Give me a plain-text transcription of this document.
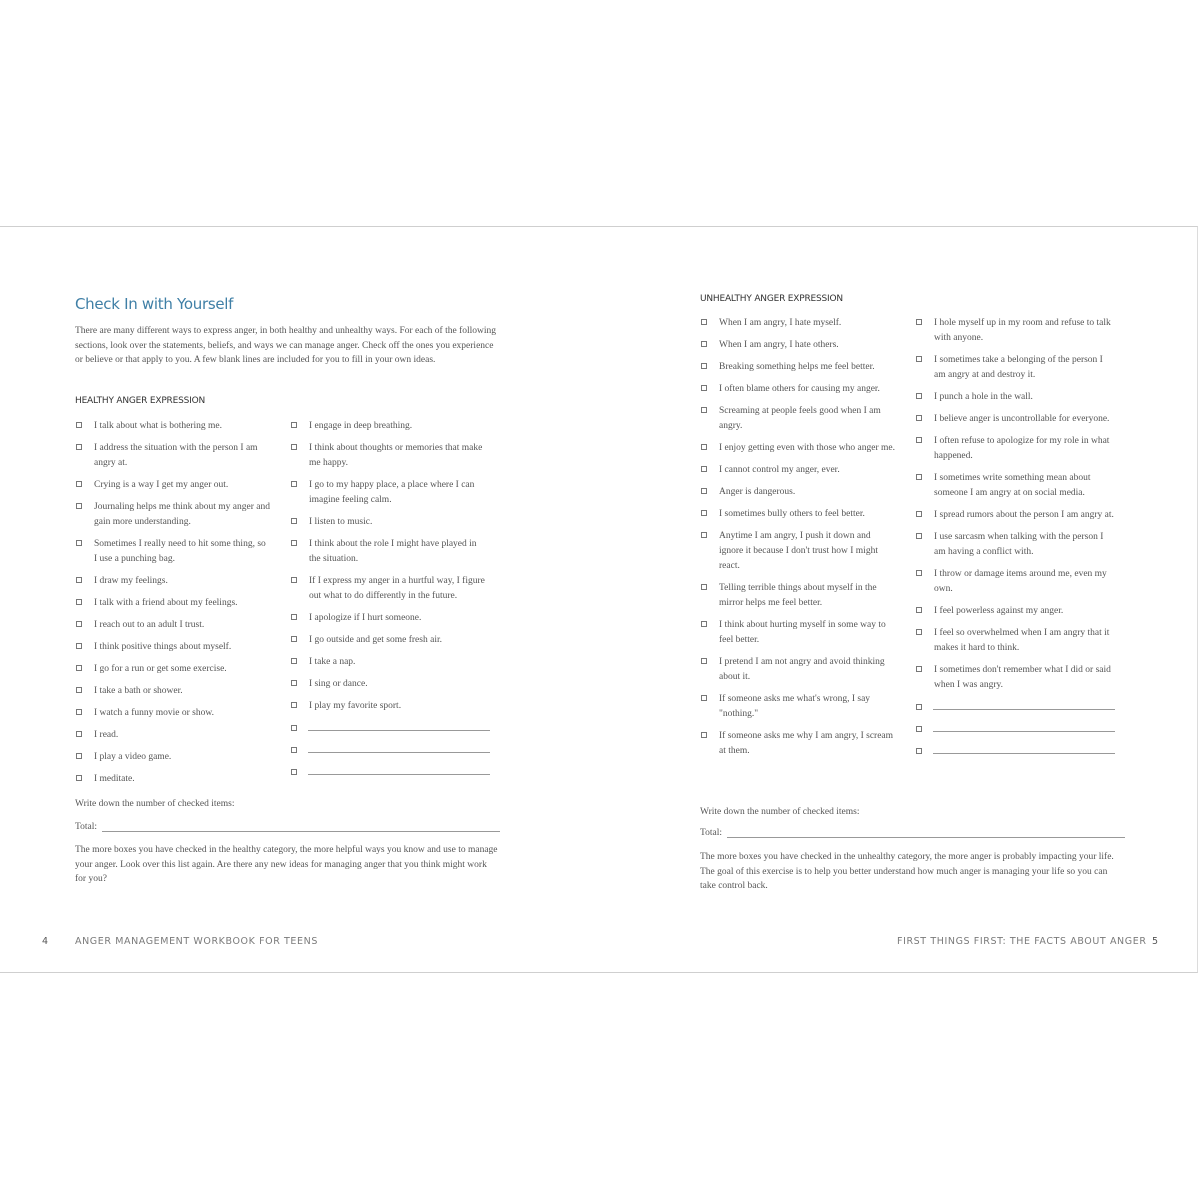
Check In with Yourself
There are many different ways to express anger, in both healthy and unhealthy ways. For each of the following sections, look over the statements, beliefs, and ways we can manage anger. Check off the ones you experience or believe or that apply to you. A few blank lines are included for you to fill in your own ideas.
HEALTHY ANGER EXPRESSION
I talk about what is bothering me.
I address the situation with the person I am angry at.
Crying is a way I get my anger out.
Journaling helps me think about my anger and gain more understanding.
Sometimes I really need to hit some thing, so I use a punching bag.
I draw my feelings.
I talk with a friend about my feelings.
I reach out to an adult I trust.
I think positive things about myself.
I go for a run or get some exercise.
I take a bath or shower.
I watch a funny movie or show.
I read.
I play a video game.
I meditate.
I engage in deep breathing.
I think about thoughts or memories that make me happy.
I go to my happy place, a place where I can imagine feeling calm.
I listen to music.
I think about the role I might have played in the situation.
If I express my anger in a hurtful way, I figure out what to do differently in the future.
I apologize if I hurt someone.
I go outside and get some fresh air.
I take a nap.
I sing or dance.
I play my favorite sport.
Write down the number of checked items:
Total:
The more boxes you have checked in the healthy category, the more helpful ways you know and use to manage your anger. Look over this list again. Are there any new ideas for managing anger that you think might work for you?
4	ANGER MANAGEMENT WORKBOOK FOR TEENS
UNHEALTHY ANGER EXPRESSION
When I am angry, I hate myself.
When I am angry, I hate others.
Breaking something helps me feel better.
I often blame others for causing my anger.
Screaming at people feels good when I am angry.
I enjoy getting even with those who anger me.
I cannot control my anger, ever.
Anger is dangerous.
I sometimes bully others to feel better.
Anytime I am angry, I push it down and ignore it because I don't trust how I might react.
Telling terrible things about myself in the mirror helps me feel better.
I think about hurting myself in some way to feel better.
I pretend I am not angry and avoid thinking about it.
If someone asks me what's wrong, I say "nothing."
If someone asks me why I am angry, I scream at them.
I hole myself up in my room and refuse to talk with anyone.
I sometimes take a belonging of the person I am angry at and destroy it.
I punch a hole in the wall.
I believe anger is uncontrollable for everyone.
I often refuse to apologize for my role in what happened.
I sometimes write something mean about someone I am angry at on social media.
I spread rumors about the person I am angry at.
I use sarcasm when talking with the person I am having a conflict with.
I throw or damage items around me, even my own.
I feel powerless against my anger.
I feel so overwhelmed when I am angry that it makes it hard to think.
I sometimes don't remember what I did or said when I was angry.
Write down the number of checked items:
Total:
The more boxes you have checked in the unhealthy category, the more anger is probably impacting your life. The goal of this exercise is to help you better understand how much anger is managing your life so you can take control back.
FIRST THINGS FIRST: THE FACTS ABOUT ANGER 5
